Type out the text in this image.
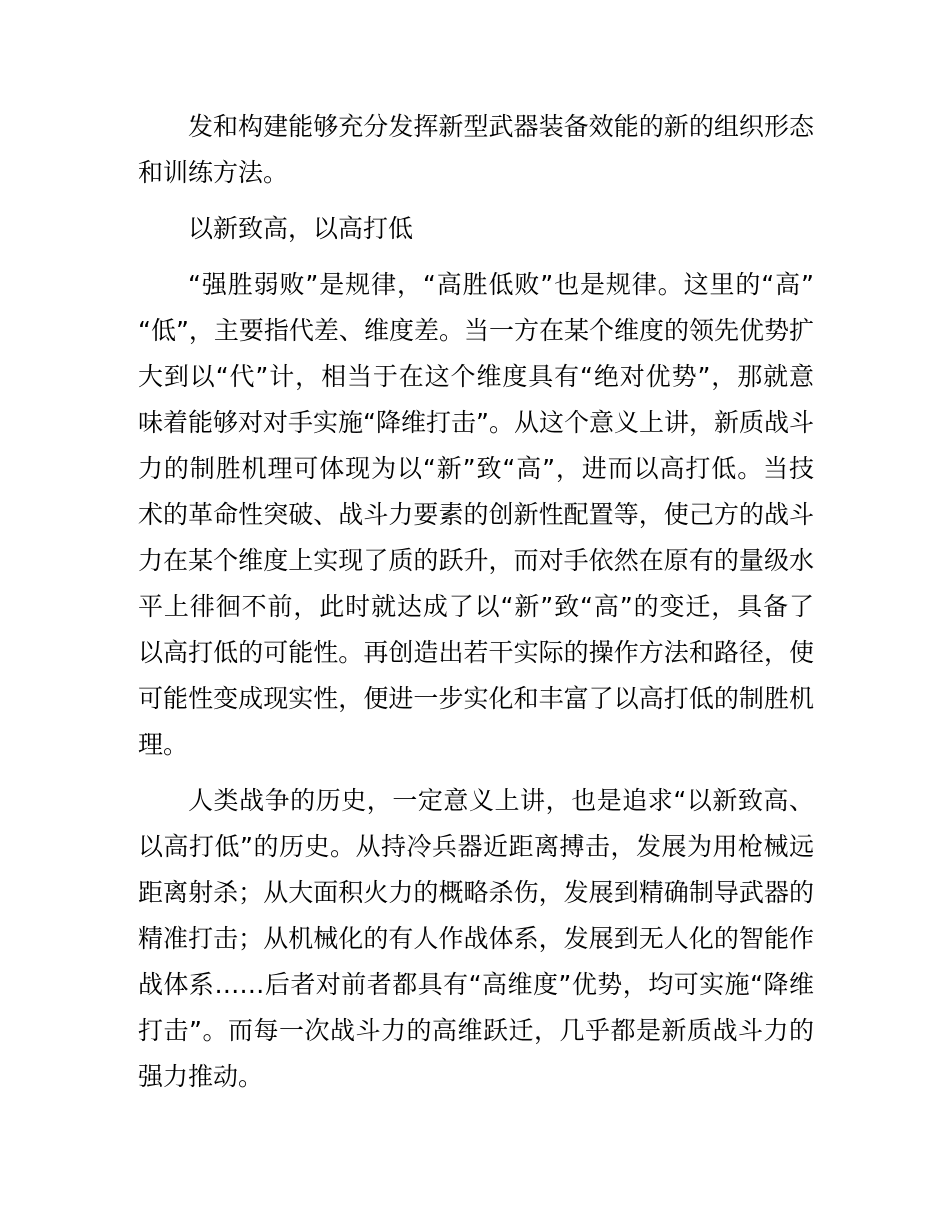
发和构建能够充分发挥新型武器装备效能的新的组织形态和训练方法。

以新致高，以高打低

“强胜弱败”是规律，“高胜低败”也是规律。这里的“高”“低”，主要指代差、维度差。当一方在某个维度的领先优势扩大到以“代”计，相当于在这个维度具有“绝对优势”，那就意味着能够对对手实施“降维打击”。从这个意义上讲，新质战斗力的制胜机理可体现为以“新”致“高”，进而以高打低。当技术的革命性突破、战斗力要素的创新性配置等，使己方的战斗力在某个维度上实现了质的跃升，而对手依然在原有的量级水平上徘徊不前，此时就达成了以“新”致“高”的变迁，具备了以高打低的可能性。再创造出若干实际的操作方法和路径，使可能性变成现实性，便进一步实化和丰富了以高打低的制胜机理。

人类战争的历史，一定意义上讲，也是追求“以新致高、以高打低”的历史。从持冷兵器近距离搏击，发展为用枪械远距离射杀；从大面积火力的概略杀伤，发展到精确制导武器的精准打击；从机械化的有人作战体系，发展到无人化的智能作战体系……后者对前者都具有“高维度”优势，均可实施“降维打击”。而每一次战斗力的高维跃迁，几乎都是新质战斗力的强力推动。
